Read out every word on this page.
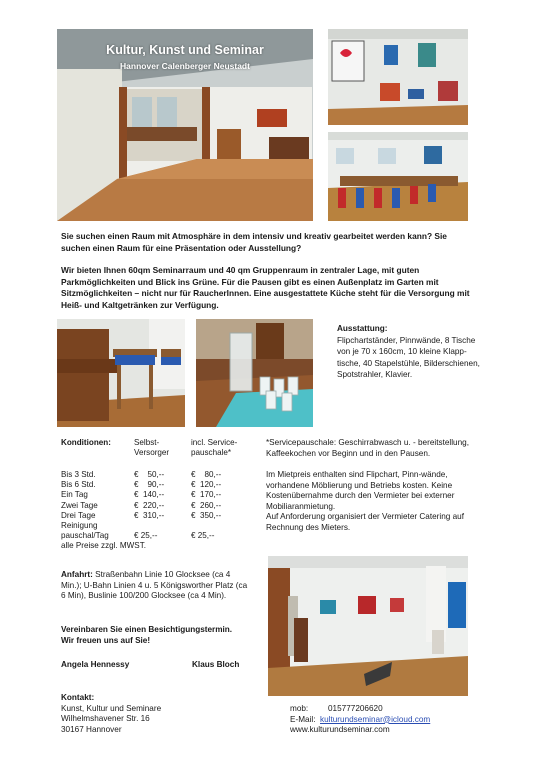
Kultur, Kunst und Seminar
Hannover Calenberger Neustadt
Sie suchen einen Raum mit Atmosphäre in dem intensiv und kreativ gearbeitet werden kann? Sie suchen einen Raum für eine Präsentation oder Ausstellung?
Wir bieten Ihnen 60qm Seminarraum und 40 qm Gruppenraum in zentraler Lage, mit guten Parkmöglichkeiten und Blick ins Grüne. Für die Pausen gibt es einen Außenplatz im Garten mit Sitzmöglichkeiten – nicht nur für RaucherInnen. Eine ausgestattete Küche steht für die Versorgung mit Heiß- und Kaltgetränken zur Verfügung.
Ausstattung:
Flipchartständer, Pinnwände, 8 Tische von je 70 x 160cm, 10 kleine Klapp-tische, 40 Stapelstühle, Bilderschienen, Spotstrahler, Klavier.
Konditionen:	Selbst-
Versorger
incl. Service-
pauschale*
Bis 3 Std.
Bis 6 Std.
Ein Tag
Zwei Tage
Drei Tage
Reinigung
pauschal/Tag
alle Preise zzgl. MWST.
€    50,--
€    90,--
€  140,--
€  220,--
€  310,--
€ 25,--
€    80,--
€  120,--
€  170,--
€  260,--
€  350,--
€ 25,--
*Servicepauschale: Geschirrabwasch u. - bereitstellung, Kaffeekochen vor Beginn und in den Pausen.
Im Mietpreis enthalten sind Flipchart, Pinn-wände, vorhandene Möblierung und Betriebs kosten. Keine Kostenübernahme durch den Vermieter bei externer Mobiliaranmietung.
Auf Anforderung organisiert der Vermieter Catering auf Rechnung des Mieters.
Anfahrt: Straßenbahn Linie 10 Glocksee (ca 4 Min.); U-Bahn Linien 4 u. 5 Königsworther Platz (ca 6 Min), Buslinie 100/200 Glocksee (ca 4 Min).
Vereinbaren Sie einen Besichtigungstermin.
Wir freuen uns auf Sie!
Angela Hennessy	Klaus Bloch
Kontakt:
Kunst, Kultur und Seminare
Wilhelmshavener Str. 16
30167 Hannover
mob: 015777206620
E-Mail: kulturundseminar@icloud.com
www.kulturundseminar.com
